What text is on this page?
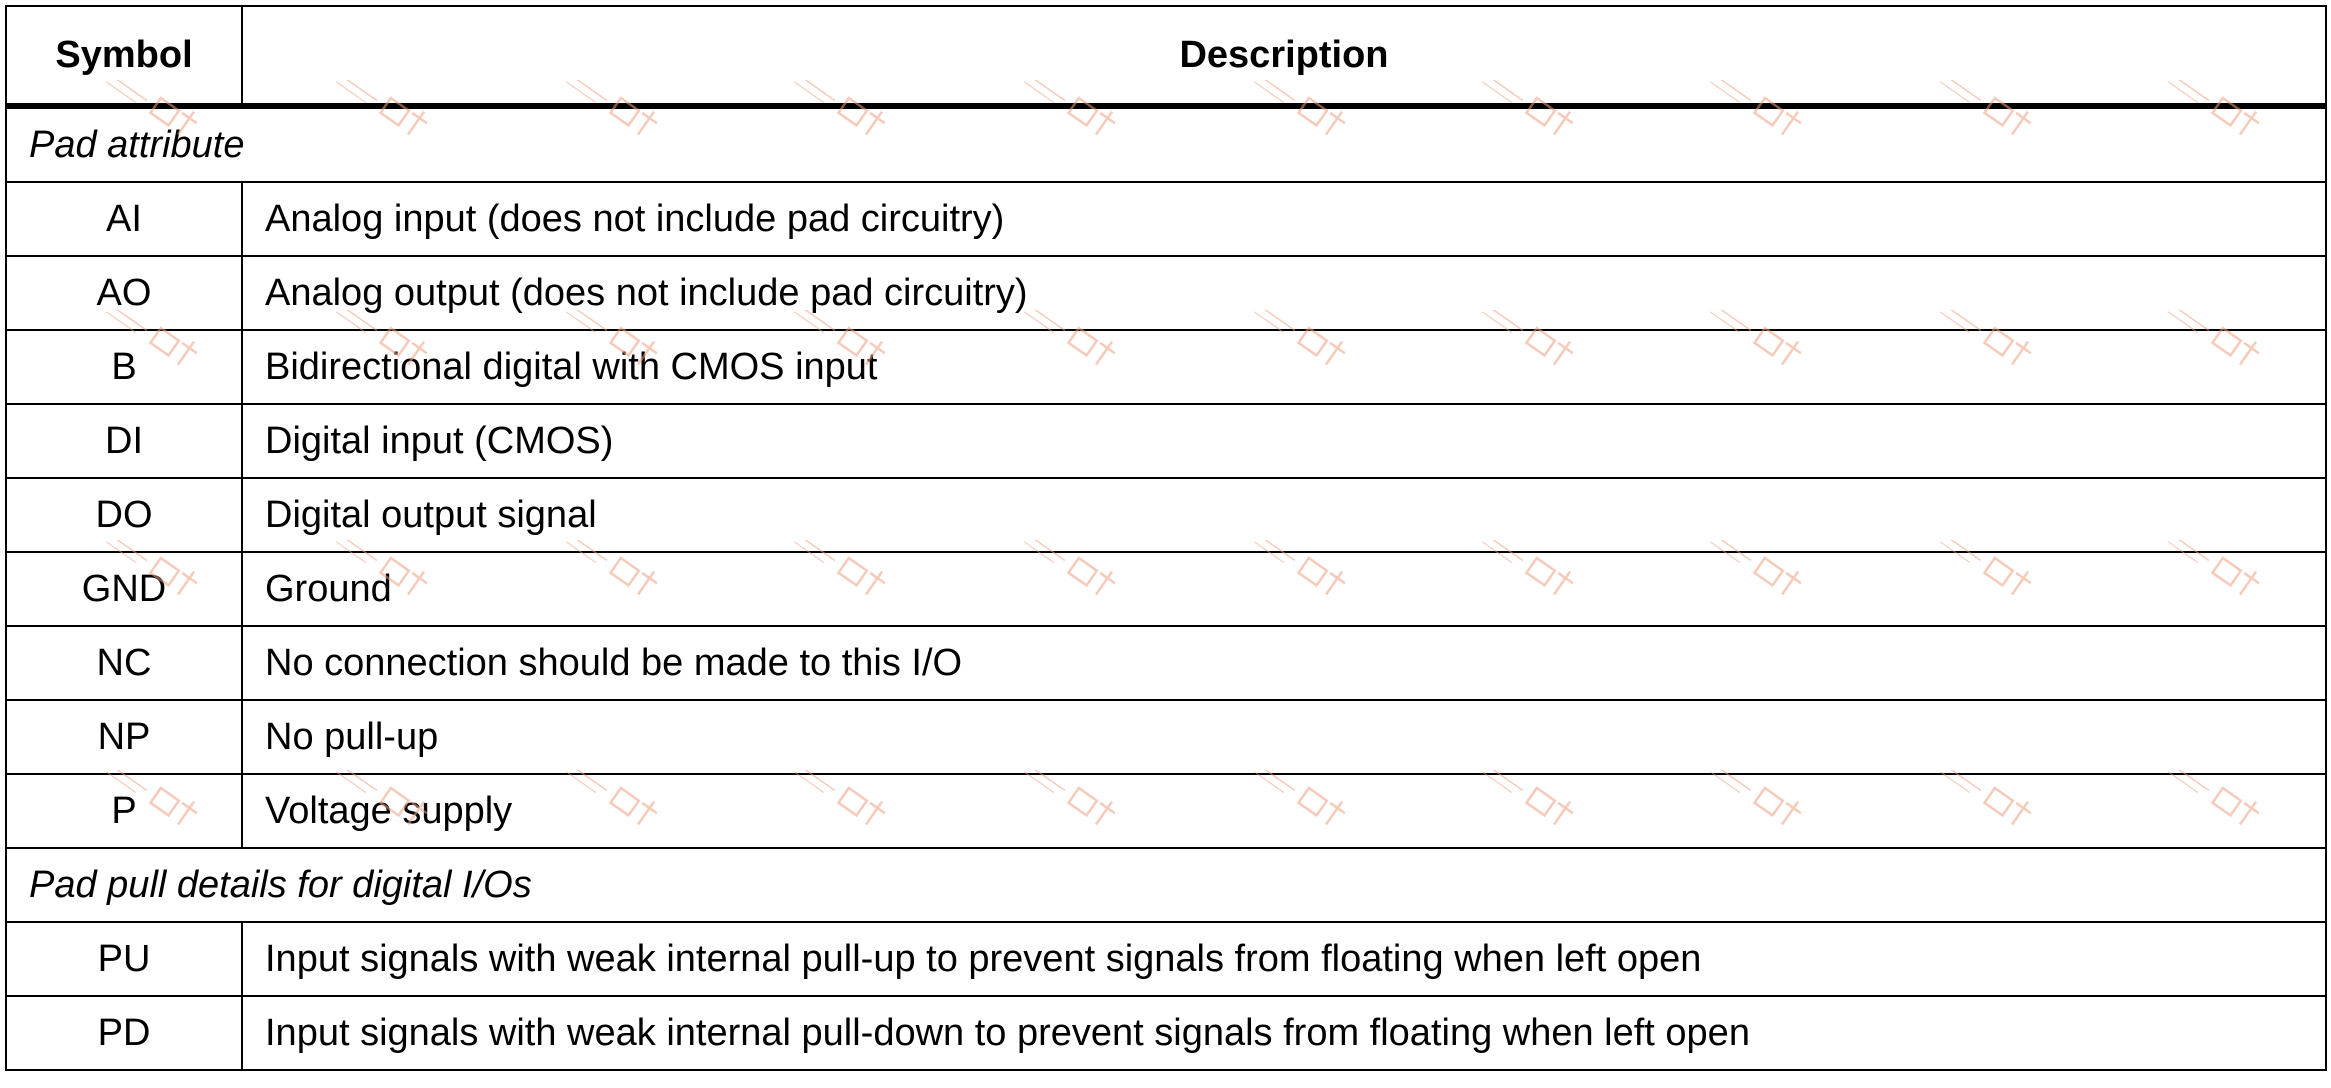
Symbol	Description
Pad attribute	
AI	Analog input (does not include pad circuitry)
AO	Analog output (does not include pad circuitry)
B	Bidirectional digital with CMOS input
DI	Digital input (CMOS)
DO	Digital output signal
GND	Ground
NC	No connection should be made to this I/O
NP	No pull-up
P	Voltage supply
Pad pull details for digital I/Os	
PU	Input signals with weak internal pull-up to prevent signals from floating when left open
PD	Input signals with weak internal pull-down to prevent signals from floating when left open
